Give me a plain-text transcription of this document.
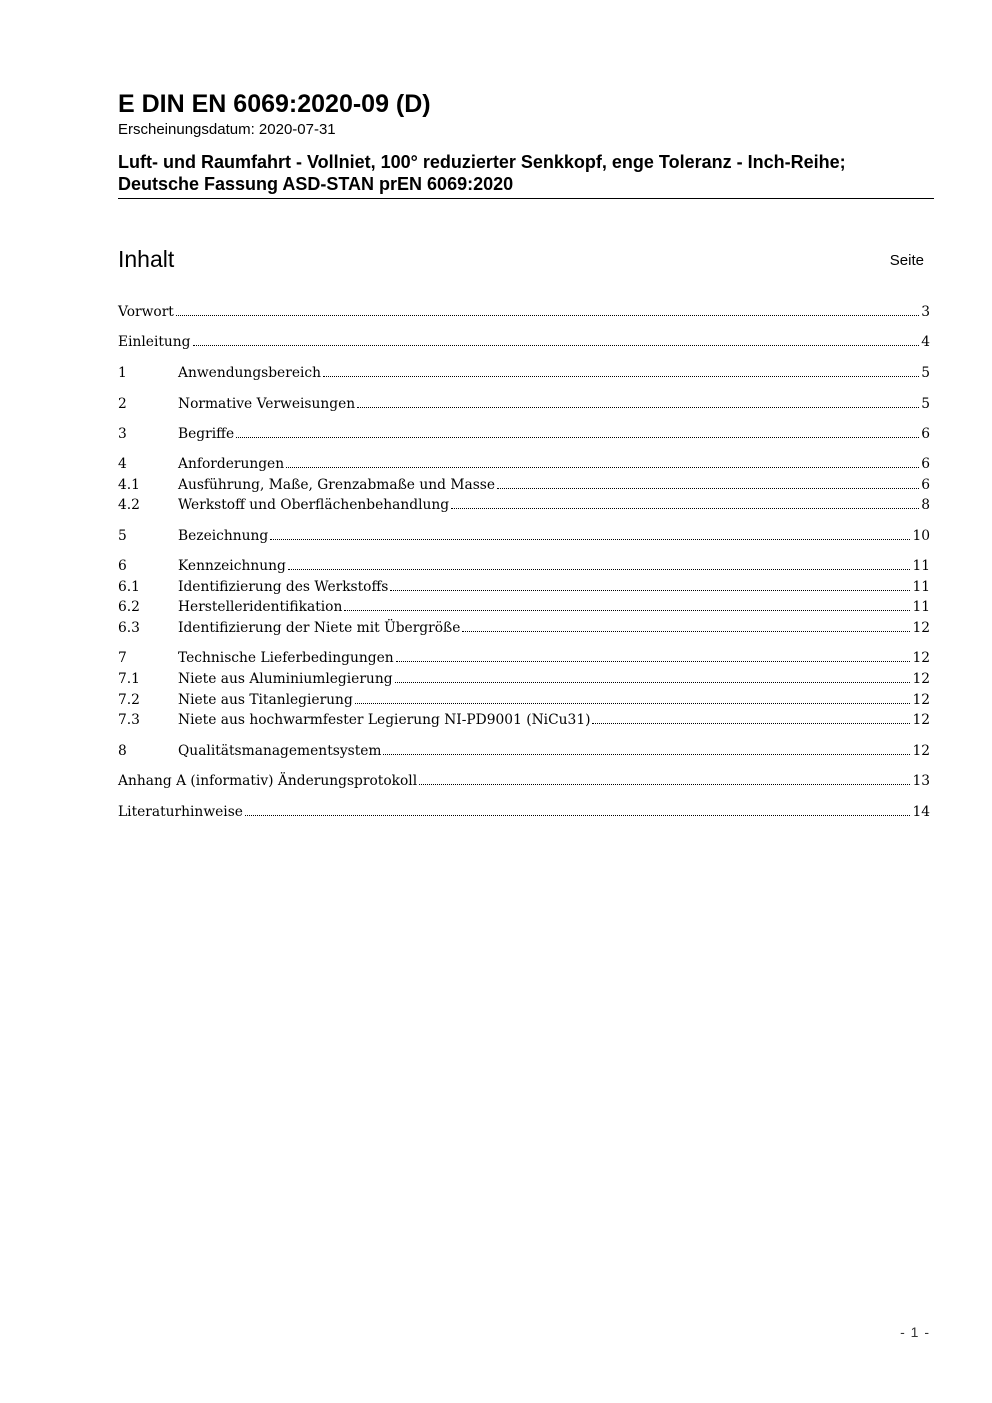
E DIN EN 6069:2020-09 (D)

Erscheinungsdatum: 2020-07-31

Luft- und Raumfahrt - Vollniet, 100° reduzierter Senkkopf, enge Toleranz - Inch-Reihe;
Deutsche Fassung ASD-STAN prEN 6069:2020
Inhalt	Seite
Vorwort	3
Einleitung	4
1	Anwendungsbereich	5
2	Normative Verweisungen	5
3	Begriffe	6
4	Anforderungen	6
4.1	Ausführung, Maße, Grenzabmaße und Masse	6
4.2	Werkstoff und Oberflächenbehandlung	8
5	Bezeichnung	10
6	Kennzeichnung	11
6.1	Identifizierung des Werkstoffs	11
6.2	Herstelleridentifikation	11
6.3	Identifizierung der Niete mit Übergröße	12
7	Technische Lieferbedingungen	12
7.1	Niete aus Aluminiumlegierung	12
7.2	Niete aus Titanlegierung	12
7.3	Niete aus hochwarmfester Legierung NI-PD9001 (NiCu31)	12
8	Qualitätsmanagementsystem	12
Anhang A (informativ) Änderungsprotokoll	13
Literaturhinweise	14
- 1 -
